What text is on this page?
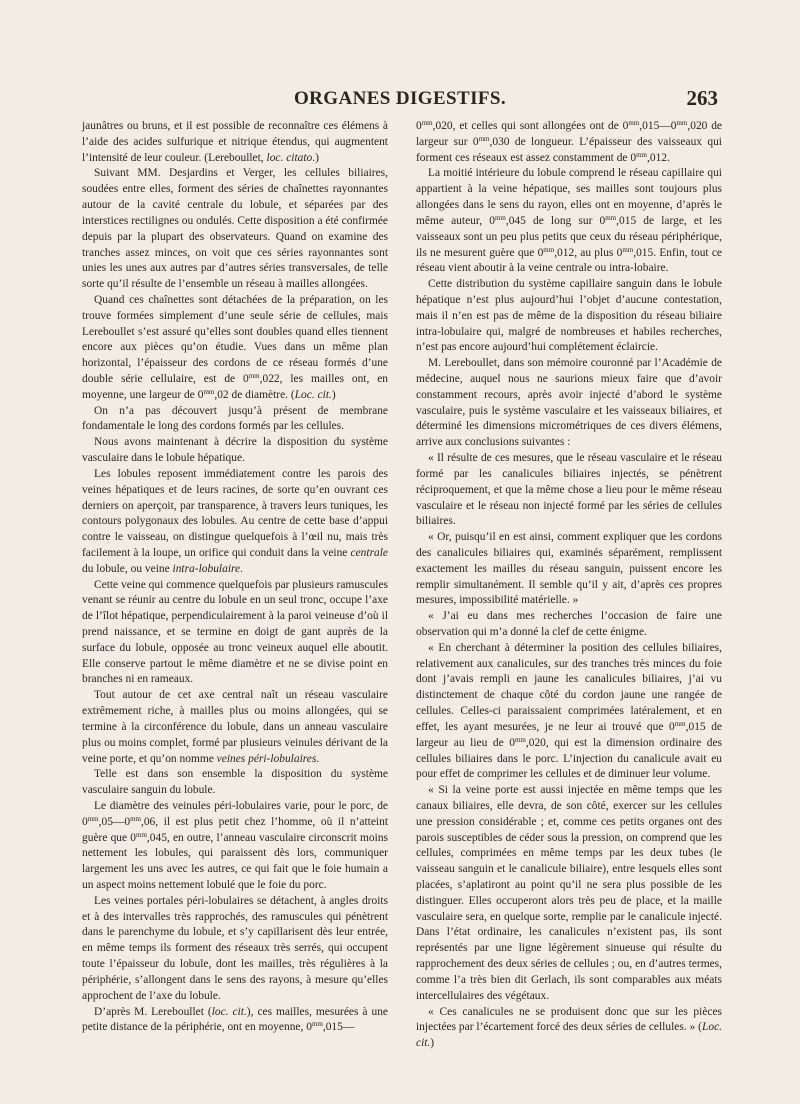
ORGANES DIGESTIFS.	263

jaunâtres ou bruns, et il est possible de reconnaître ces élémens à l’aide des acides sulfurique et nitrique étendus, qui augmentent l’intensité de leur couleur. (Lereboullet, loc. citato.)

Suivant MM. Desjardins et Verger, les cellules biliaires, soudées entre elles, forment des séries de chaînettes rayonnantes autour de la cavité centrale du lobule, et séparées par des interstices rectilignes ou ondulés. Cette disposition a été confirmée depuis par la plupart des observateurs. Quand on examine des tranches assez minces, on voit que ces séries rayonnantes sont unies les unes aux autres par d’autres séries transversales, de telle sorte qu’il résulte de l’ensemble un réseau à mailles allongées.

Quand ces chaînettes sont détachées de la préparation, on les trouve formées simplement d’une seule série de cellules, mais Lereboullet s’est assuré qu’elles sont doubles quand elles tiennent encore aux pièces qu’on étudie. Vues dans un même plan horizontal, l’épaisseur des cordons de ce réseau formés d’une double série cellulaire, est de $0^{mm},022$, les mailles ont, en moyenne, une largeur de $0^{mm},02$ de diamètre. (Loc. cit.)

On n’a pas découvert jusqu’à présent de membrane fondamentale le long des cordons formés par les cellules.

Nous avons maintenant à décrire la disposition du système vasculaire dans le lobule hépatique.

Les lobules reposent immédiatement contre les parois des veines hépatiques et de leurs racines, de sorte qu’en ouvrant ces derniers on aperçoit, par transparence, à travers leurs tuniques, les contours polygonaux des lobules. Au centre de cette base d’appui contre le vaisseau, on distingue quelquefois à l’œil nu, mais très facilement à la loupe, un orifice qui conduit dans la veine centrale du lobule, ou veine intra-lobulaire.

Cette veine qui commence quelquefois par plusieurs ramuscules venant se réunir au centre du lobule en un seul tronc, occupe l’axe de l’îlot hépatique, perpendiculairement à la paroi veineuse d’où il prend naissance, et se termine en doigt de gant auprès de la surface du lobule, opposée au tronc veineux auquel elle aboutit. Elle conserve partout le même diamètre et ne se divise point en branches ni en rameaux.

Tout autour de cet axe central naît un réseau vasculaire extrêmement riche, à mailles plus ou moins allongées, qui se termine à la circonférence du lobule, dans un anneau vasculaire plus ou moins complet, formé par plusieurs veinules dérivant de la veine porte, et qu’on nomme veines péri-lobulaires.

Telle est dans son ensemble la disposition du système vasculaire sanguin du lobule.

Le diamètre des veinules péri-lobulaires varie, pour le porc, de $0^{mm},05—0^{mm},06$, il est plus petit chez l’homme, où il n’atteint guère que $0^{mm},045$, en outre, l’anneau vasculaire circonscrit moins nettement les lobules, qui paraissent dès lors, communiquer largement les uns avec les autres, ce qui fait que le foie humain a un aspect moins nettement lobulé que le foie du porc.

Les veines portales péri-lobulaires se détachent, à angles droits et à des intervalles très rapprochés, des ramuscules qui pénètrent dans le parenchyme du lobule, et s’y capillarisent dès leur entrée, en même temps ils forment des réseaux très serrés, qui occupent toute l’épaisseur du lobule, dont les mailles, très régulières à la périphérie, s’allongent dans le sens des rayons, à mesure qu’elles approchent de l’axe du lobule.

D’après M. Lereboullet (loc. cit.), ces mailles, mesurées à une petite distance de la périphérie, ont en moyenne, $0^{mm},015—$

$0^{mm},020$, et celles qui sont allongées ont de $0^{mm},015—0^{mm},020$ de largeur sur $0^{mm},030$ de longueur. L’épaisseur des vaisseaux qui forment ces réseaux est assez constamment de $0^{mm},012$.

La moitié intérieure du lobule comprend le réseau capillaire qui appartient à la veine hépatique, ses mailles sont toujours plus allongées dans le sens du rayon, elles ont en moyenne, d’après le même auteur, $0^{mm},045$ de long sur $0^{mm},015$ de large, et les vaisseaux sont un peu plus petits que ceux du réseau périphérique, ils ne mesurent guère que $0^{mm},012$, au plus $0^{mm},015$. Enfin, tout ce réseau vient aboutir à la veine centrale ou intra-lobaire.

Cette distribution du système capillaire sanguin dans le lobule hépatique n’est plus aujourd’hui l’objet d’aucune contestation, mais il n’en est pas de même de la disposition du réseau biliaire intra-lobulaire qui, malgré de nombreuses et habiles recherches, n’est pas encore aujourd’hui complétement éclaircie.

M. Lereboullet, dans son mémoire couronné par l’Académie de médecine, auquel nous ne saurions mieux faire que d’avoir constamment recours, après avoir injecté d’abord le système vasculaire, puis le système vasculaire et les vaisseaux biliaires, et déterminé les dimensions micrométriques de ces divers élémens, arrive aux conclusions suivantes :

« Il résulte de ces mesures, que le réseau vasculaire et le réseau formé par les canalicules biliaires injectés, se pénètrent réciproquement, et que la même chose a lieu pour le même réseau vasculaire et le réseau non injecté formé par les séries de cellules biliaires.

« Or, puisqu’il en est ainsi, comment expliquer que les cordons des canalicules biliaires qui, examinés séparément, remplissent exactement les mailles du réseau sanguin, puissent encore les remplir simultanément. Il semble qu’il y ait, d’après ces propres mesures, impossibilité matérielle. »

« J’ai eu dans mes recherches l’occasion de faire une observation qui m’a donné la clef de cette énigme.

« En cherchant à déterminer la position des cellules biliaires, relativement aux canalicules, sur des tranches très minces du foie dont j’avais rempli en jaune les canalicules biliaires, j’ai vu distinctement de chaque côté du cordon jaune une rangée de cellules. Celles-ci paraissaient comprimées latéralement, et en effet, les ayant mesurées, je ne leur ai trouvé que $0^{mm},015$ de largeur au lieu de $0^{mm},020$, qui est la dimension ordinaire des cellules biliaires dans le porc. L’injection du canalicule avait eu pour effet de comprimer les cellules et de diminuer leur volume.

« Si la veine porte est aussi injectée en même temps que les canaux biliaires, elle devra, de son côté, exercer sur les cellules une pression considérable ; et, comme ces petits organes ont des parois susceptibles de céder sous la pression, on comprend que les cellules, comprimées en même temps par les deux tubes (le vaisseau sanguin et le canalicule biliaire), entre lesquels elles sont placées, s’aplatiront au point qu’il ne sera plus possible de les distinguer. Elles occuperont alors très peu de place, et la maille vasculaire sera, en quelque sorte, remplie par le canalicule injecté. Dans l’état ordinaire, les canalicules n’existent pas, ils sont représentés par une ligne légèrement sinueuse qui résulte du rapprochement des deux séries de cellules ; ou, en d’autres termes, comme l’a très bien dit Gerlach, ils sont comparables aux méats intercellulaires des végétaux.

« Ces canalicules ne se produisent donc que sur les pièces injectées par l’écartement forcé des deux séries de cellules. » (Loc. cit.)
